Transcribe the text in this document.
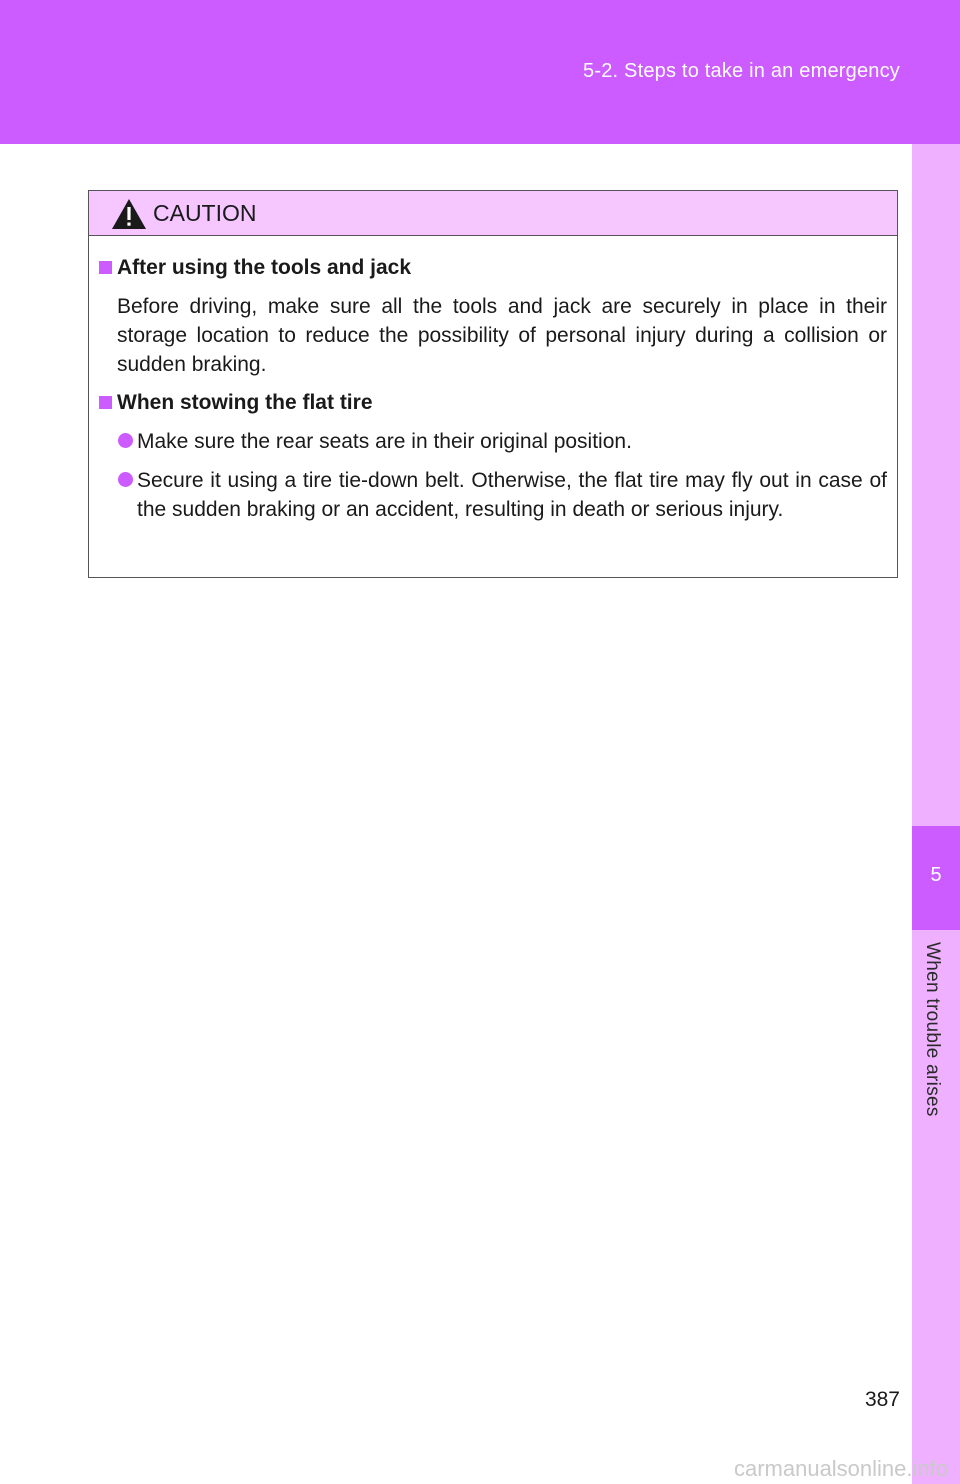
5-2. Steps to take in an emergency
5
When trouble arises
CAUTION
After using the tools and jack
Before driving, make sure all the tools and jack are securely in place in their storage location to reduce the possibility of personal injury during a collision or sudden braking.
When stowing the flat tire
Make sure the rear seats are in their original position.
Secure it using a tire tie-down belt. Otherwise, the flat tire may fly out in case of the sudden braking or an accident, resulting in death or serious injury.
387
carmanualsonline.info
